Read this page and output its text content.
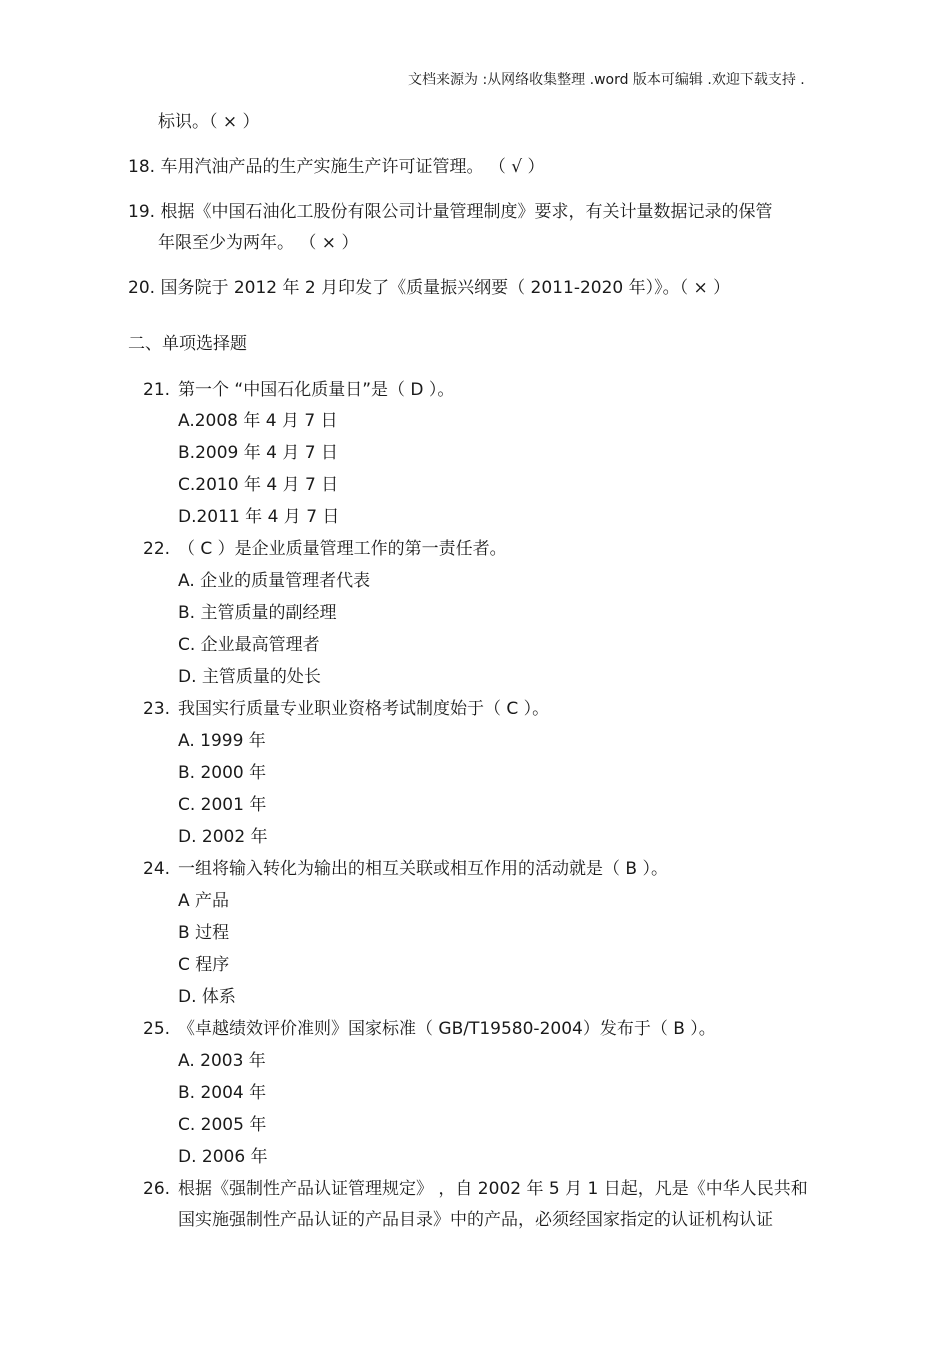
文档来源为 :从网络收集整理 .word 版本可编辑 .欢迎下载支持 .
标识。（ × ）
18. 车用汽油产品的生产实施生产许可证管理。 （ √ ）
19. 根据《中国石油化工股份有限公司计量管理制度》要求，有关计量数据记录的保管
年限至少为两年。 （ × ）
20. 国务院于 2012 年 2 月印发了《质量振兴纲要（ 2011-2020 年）》。（ × ）
二、单项选择题
21. 第一个 “中国石化质量日”是（ D ）。
A.2008 年 4 月 7 日
B.2009 年 4 月 7 日
C.2010 年 4 月 7 日
D.2011 年 4 月 7 日
22. （ C ）是企业质量管理工作的第一责任者。
A. 企业的质量管理者代表
B. 主管质量的副经理
C. 企业最高管理者
D. 主管质量的处长
23. 我国实行质量专业职业资格考试制度始于（ C ）。
A. 1999 年
B. 2000 年
C. 2001 年
D. 2002 年
24. 一组将输入转化为输出的相互关联或相互作用的活动就是（ B ）。
A 产品
B 过程
C 程序
D. 体系
25. 《卓越绩效评价准则》国家标准（ GB/T19580-2004）发布于（ B ）。
A. 2003 年
B. 2004 年
C. 2005 年
D. 2006 年
26. 根据《强制性产品认证管理规定》 ，自 2002 年 5 月 1 日起，凡是《中华人民共和
国实施强制性产品认证的产品目录》中的产品，必须经国家指定的认证机构认证
